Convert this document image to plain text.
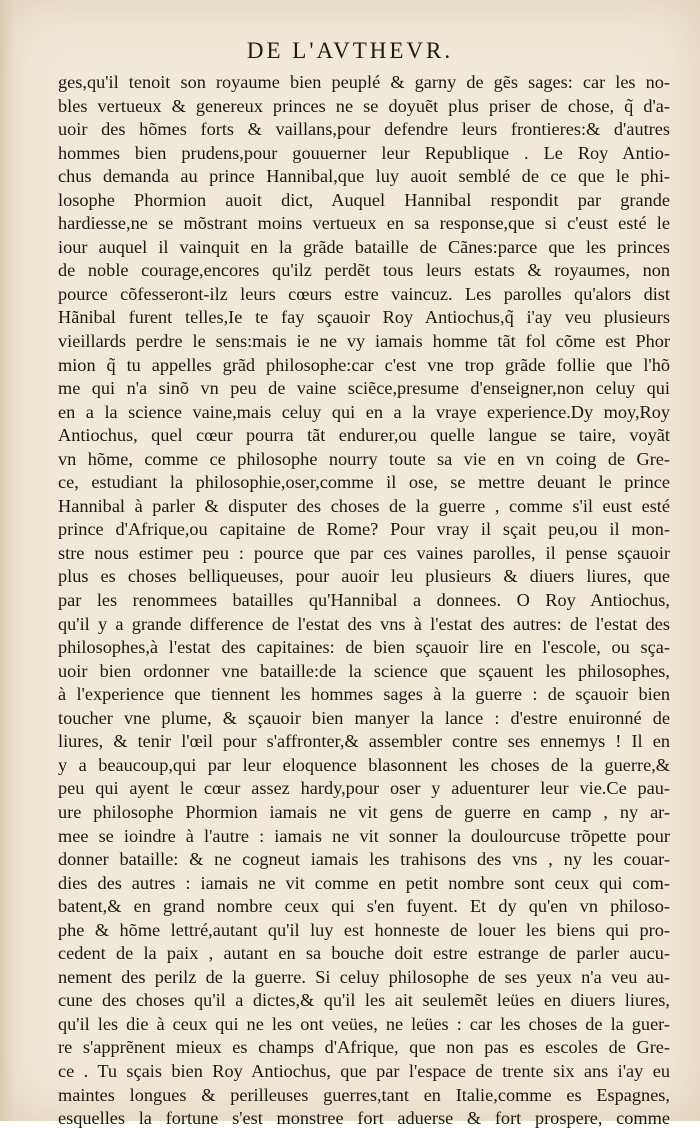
DE L'AVTHEVR.
ges,qu'il tenoit son royaume bien peuplé & garny de gẽs sages: car les no-
bles vertueux & genereux princes ne se doyuẽt plus priser de chose, q̃ d'a-
uoir des hõmes forts & vaillans,pour defendre leurs frontieres:& d'autres
hommes bien prudens,pour gouuerner leur Republique . Le Roy Antio-
chus demanda au prince Hannibal,que luy auoit semblé de ce que le phi-
losophe Phormion auoit dict, Auquel Hannibal respondit par grande
hardiesse,ne se mõstrant moins vertueux en sa response,que si c'eust esté le
iour auquel il vainquit en la grãde bataille de Cãnes:parce que les princes
de noble courage,encores qu'ilz perdẽt tous leurs estats & royaumes, non
pource cõfesseront-ilz leurs cœurs estre vaincuz. Les parolles qu'alors dist
Hãnibal furent telles,Ie te fay sçauoir Roy Antiochus,q̃ i'ay veu plusieurs
vieillards perdre le sens:mais ie ne vy iamais homme tãt fol cõme est Phor
mion q̃ tu appelles grãd philosophe:car c'est vne trop grãde follie que l'hõ
me qui n'a sinõ vn peu de vaine sciẽce,presume d'enseigner,non celuy qui
en a la science vaine,mais celuy qui en a la vraye experience.Dy moy,Roy
Antiochus, quel cœur pourra tãt endurer,ou quelle langue se taire, voyãt
vn hõme, comme ce philosophe nourry toute sa vie en vn coing de Gre-
ce, estudiant la philosophie,oser,comme il ose, se mettre deuant le prince
Hannibal à parler & disputer des choses de la guerre , comme s'il eust esté
prince d'Afrique,ou capitaine de Rome? Pour vray il sçait peu,ou il mon-
stre nous estimer peu : pource que par ces vaines parolles, il pense sçauoir
plus es choses belliqueuses, pour auoir leu plusieurs & diuers liures, que
par les renommees batailles qu'Hannibal a donnees. O Roy Antiochus,
qu'il y a grande difference de l'estat des vns à l'estat des autres: de l'estat des
philosophes,à l'estat des capitaines: de bien sçauoir lire en l'escole, ou sça-
uoir bien ordonner vne bataille:de la science que sçauent les philosophes,
à l'experience que tiennent les hommes sages à la guerre : de sçauoir bien
toucher vne plume, & sçauoir bien manyer la lance : d'estre enuironné de
liures, & tenir l'œil pour s'affronter,& assembler contre ses ennemys ! Il en
y a beaucoup,qui par leur eloquence blasonnent les choses de la guerre,&
peu qui ayent le cœur assez hardy,pour oser y aduenturer leur vie.Ce pau-
ure philosophe Phormion iamais ne vit gens de guerre en camp , ny ar-
mee se ioindre à l'autre : iamais ne vit sonner la doulourcuse trõpette pour
donner bataille: & ne cogneut iamais les trahisons des vns , ny les couar-
dies des autres : iamais ne vit comme en petit nombre sont ceux qui com-
batent,& en grand nombre ceux qui s'en fuyent. Et dy qu'en vn philoso-
phe & hõme lettré,autant qu'il luy est honneste de louer les biens qui pro-
cedent de la paix , autant en sa bouche doit estre estrange de parler aucu-
nement des perilz de la guerre. Si celuy philosophe de ses yeux n'a veu au-
cune des choses qu'il a dictes,& qu'il les ait seulemẽt leües en diuers liures,
qu'il les die à ceux qui ne les ont veües, ne leües : car les choses de la guer-
re s'apprẽnent mieux es champs d'Afrique, que non pas es escoles de Gre-
ce . Tu sçais bien Roy Antiochus, que par l'espace de trente six ans i'ay eu
maintes longues & perilleuses guerres,tant en Italie,comme es Espagnes,
esquelles la fortune s'est monstree fort aduerse & fort prospere, comme
